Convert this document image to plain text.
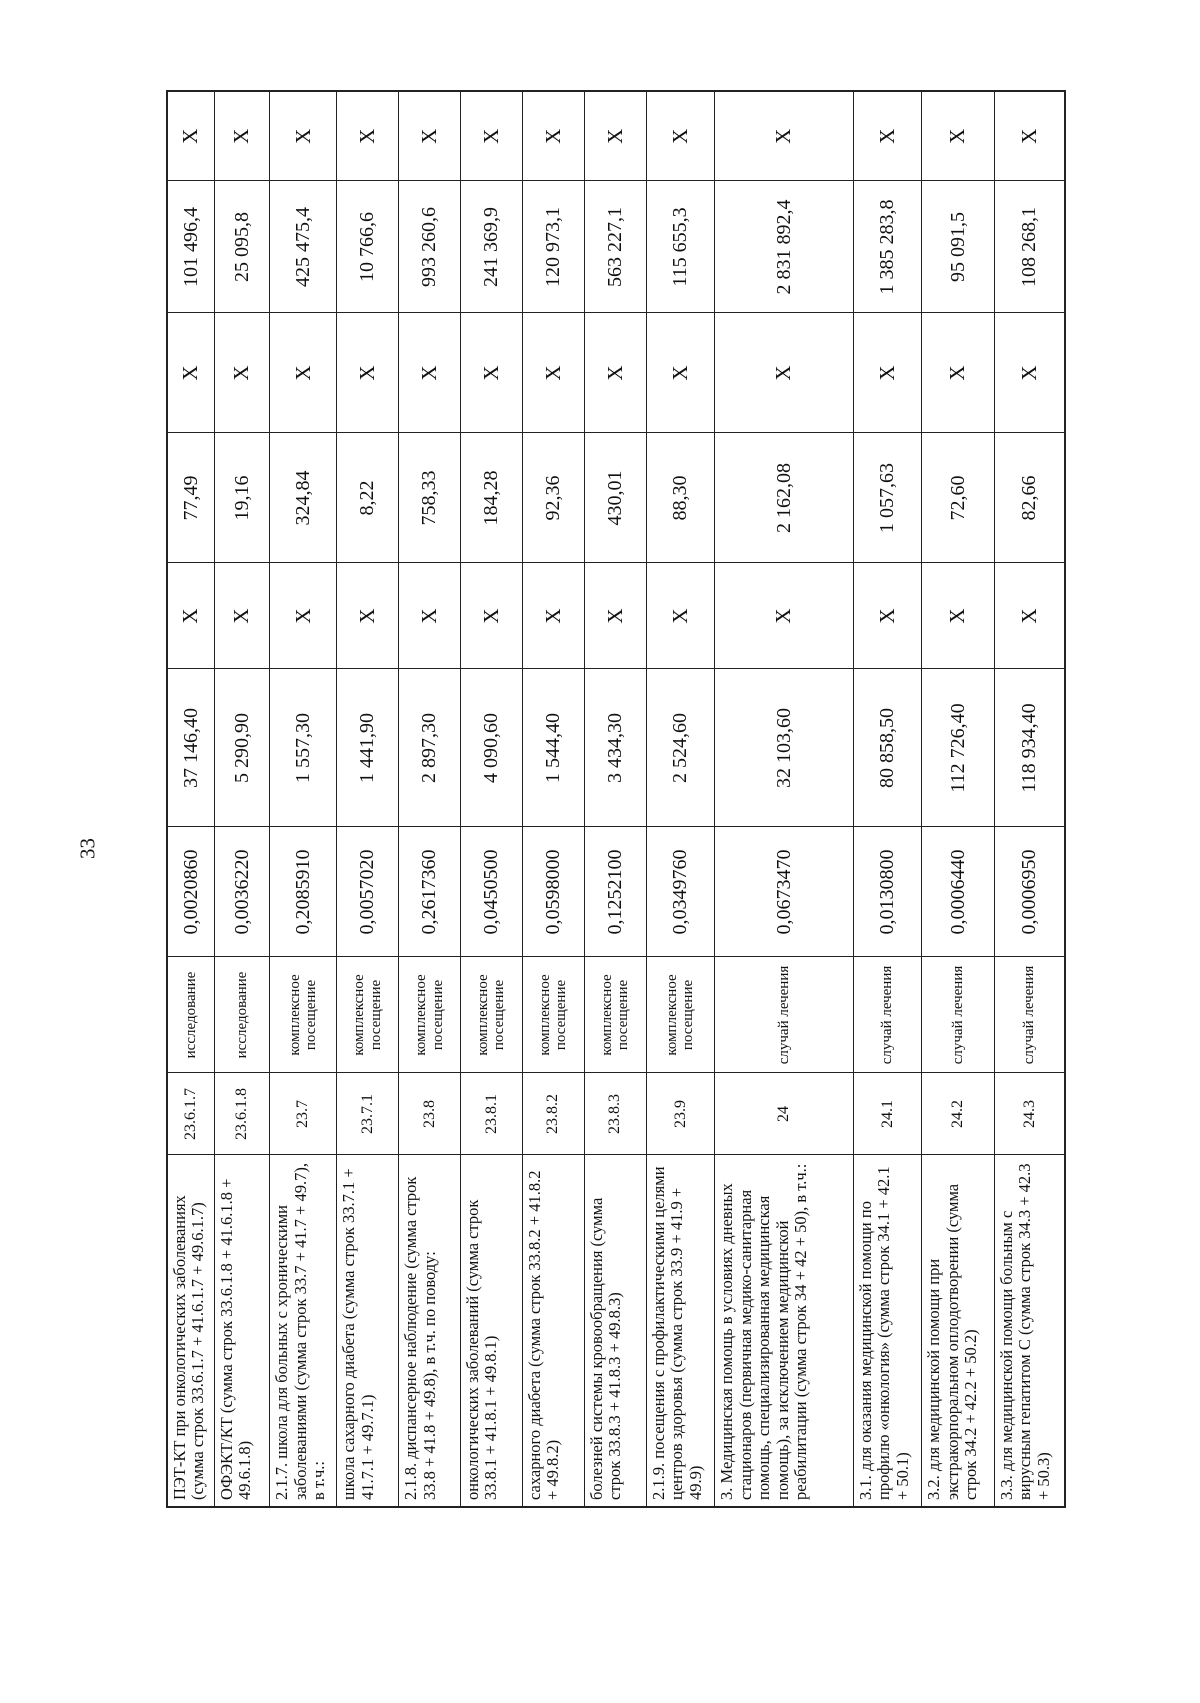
33
ПЭТ-КТ при онкологических заболеваниях (сумма строк 33.6.1.7 + 41.6.1.7 + 49.6.1.7)	23.6.1.7	исследование	0,0020860	37 146,40	Х	77,49	Х	101 496,4	Х
ОФЭКТ/КТ (сумма строк 33.6.1.8 + 41.6.1.8 + 49.6.1.8)	23.6.1.8	исследование	0,0036220	5 290,90	Х	19,16	Х	25 095,8	Х
2.1.7. школа для больных с хроническими заболеваниями (сумма строк 33.7 + 41.7 + 49.7), в т.ч.:	23.7	комплексное посещение	0,2085910	1 557,30	Х	324,84	Х	425 475,4	Х
школа сахарного диабета (сумма строк 33.7.1 + 41.7.1 + 49.7.1)	23.7.1	комплексное посещение	0,0057020	1 441,90	Х	8,22	Х	10 766,6	Х
2.1.8. диспансерное наблюдение (сумма строк 33.8 + 41.8 + 49.8), в т.ч. по поводу:	23.8	комплексное посещение	0,2617360	2 897,30	Х	758,33	Х	993 260,6	Х
онкологических заболеваний (сумма строк 33.8.1 + 41.8.1 + 49.8.1)	23.8.1	комплексное посещение	0,0450500	4 090,60	Х	184,28	Х	241 369,9	Х
сахарного диабета (сумма строк 33.8.2 + 41.8.2 + 49.8.2)	23.8.2	комплексное посещение	0,0598000	1 544,40	Х	92,36	Х	120 973,1	Х
болезней системы кровообращения (сумма строк 33.8.3 + 41.8.3 + 49.8.3)	23.8.3	комплексное посещение	0,1252100	3 434,30	Х	430,01	Х	563 227,1	Х
2.1.9. посещения с профилактическими целями центров здоровья (сумма строк 33.9 + 41.9 + 49.9)	23.9	комплексное посещение	0,0349760	2 524,60	Х	88,30	Х	115 655,3	Х
3. Медицинская помощь в условиях дневных стационаров (первичная медико-санитарная помощь, специализированная медицинская помощь), за исключением медицинской реабилитации (сумма строк 34 + 42 + 50), в т.ч.:	24	случай лечения	0,0673470	32 103,60	Х	2 162,08	Х	2 831 892,4	Х
3.1. для оказания медицинской помощи по профилю «онкология» (сумма строк 34.1 + 42.1 + 50.1)	24.1	случай лечения	0,0130800	80 858,50	Х	1 057,63	Х	1 385 283,8	Х
3.2. для медицинской помощи при экстракорпоральном оплодотворении (сумма строк 34.2 + 42.2 + 50.2)	24.2	случай лечения	0,0006440	112 726,40	Х	72,60	Х	95 091,5	Х
3.3. для медицинской помощи больным с вирусным гепатитом С (сумма строк 34.3 + 42.3 + 50.3)	24.3	случай лечения	0,0006950	118 934,40	Х	82,66	Х	108 268,1	Х
